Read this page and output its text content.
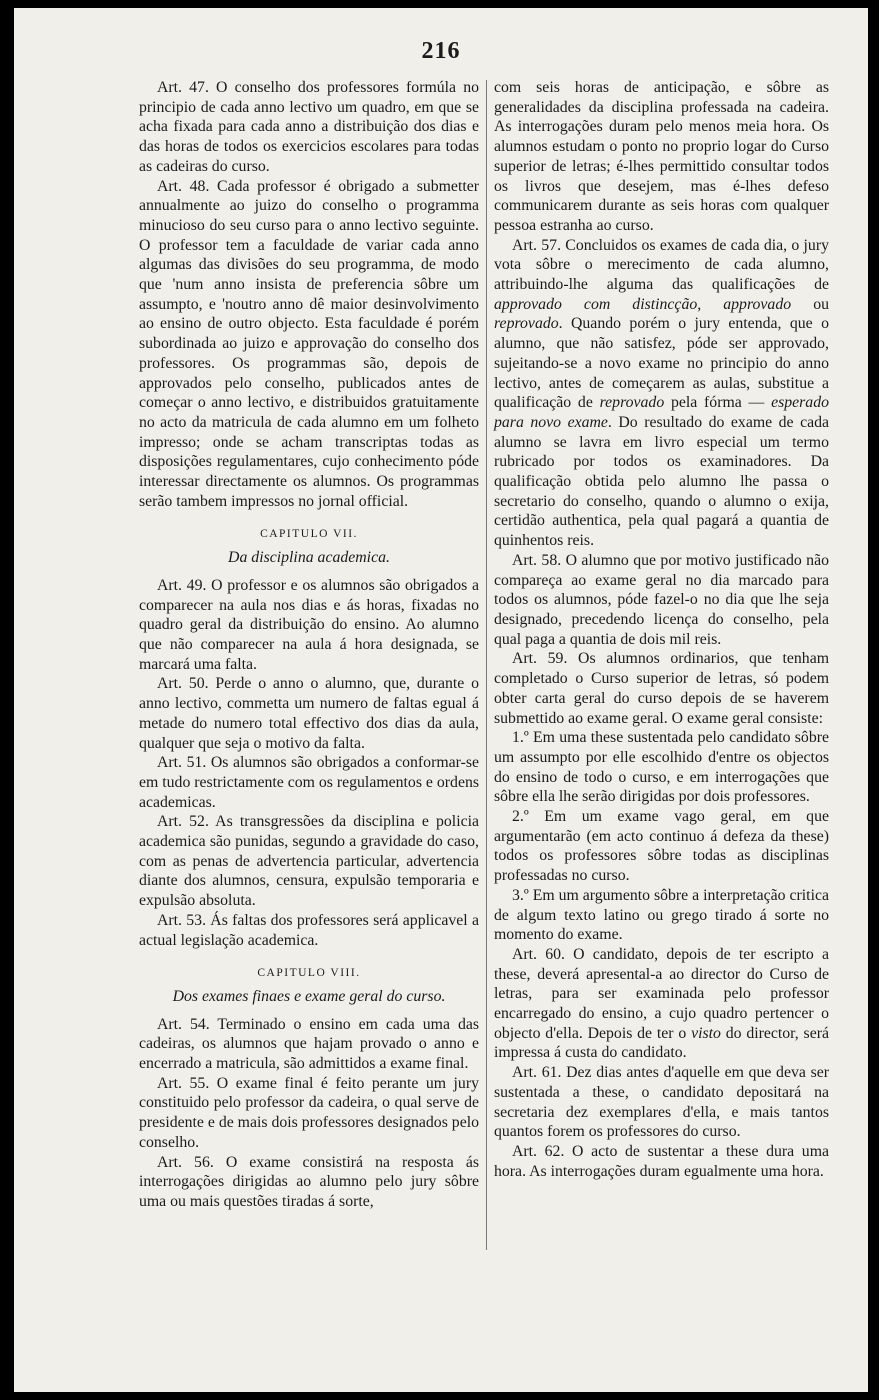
216

Art. 47. O conselho dos professores formúla no principio de cada anno lectivo um quadro, em que se acha fixada para cada anno a distribuição dos dias e das horas de todos os exercicios escolares para todas as cadeiras do curso.

Art. 48. Cada professor é obrigado a submetter annualmente ao juizo do conselho o programma minucioso do seu curso para o anno lectivo seguinte. O professor tem a faculdade de variar cada anno algumas das divisões do seu programma, de modo que 'num anno insista de preferencia sôbre um assumpto, e 'noutro anno dê maior desinvolvimento ao ensino de outro objecto. Esta faculdade é porém subordinada ao juizo e approvação do conselho dos professores. Os programmas são, depois de approvados pelo conselho, publicados antes de começar o anno lectivo, e distribuidos gratuitamente no acto da matricula de cada alumno em um folheto impresso; onde se acham transcriptas todas as disposições regulamentares, cujo conhecimento póde interessar directamente os alumnos. Os programmas serão tambem impressos no jornal official.

CAPITULO VII.
Da disciplina academica.

Art. 49. O professor e os alumnos são obrigados a comparecer na aula nos dias e ás horas, fixadas no quadro geral da distribuição do ensino. Ao alumno que não comparecer na aula á hora designada, se marcará uma falta.

Art. 50. Perde o anno o alumno, que, durante o anno lectivo, commetta um numero de faltas egual á metade do numero total effectivo dos dias da aula, qualquer que seja o motivo da falta.

Art. 51. Os alumnos são obrigados a conformar-se em tudo restrictamente com os regulamentos e ordens academicas.

Art. 52. As transgressões da disciplina e policia academica são punidas, segundo a gravidade do caso, com as penas de advertencia particular, advertencia diante dos alumnos, censura, expulsão temporaria e expulsão absoluta.

Art. 53. Ás faltas dos professores será applicavel a actual legislação academica.

CAPITULO VIII.
Dos exames finaes e exame geral do curso.

Art. 54. Terminado o ensino em cada uma das cadeiras, os alumnos que hajam provado o anno e encerrado a matricula, são admittidos a exame final.

Art. 55. O exame final é feito perante um jury constituido pelo professor da cadeira, o qual serve de presidente e de mais dois professores designados pelo conselho.

Art. 56. O exame consistirá na resposta ás interrogações dirigidas ao alumno pelo jury sôbre uma ou mais questões tiradas á sorte,

com seis horas de anticipação, e sôbre as generalidades da disciplina professada na cadeira. As interrogações duram pelo menos meia hora. Os alumnos estudam o ponto no proprio logar do Curso superior de letras; é-lhes permittido consultar todos os livros que desejem, mas é-lhes defeso communicarem durante as seis horas com qualquer pessoa estranha ao curso.

Art. 57. Concluidos os exames de cada dia, o jury vota sôbre o merecimento de cada alumno, attribuindo-lhe alguma das qualificações de approvado com distincção, approvado ou reprovado. Quando porém o jury entenda, que o alumno, que não satisfez, póde ser approvado, sujeitando-se a novo exame no principio do anno lectivo, antes de começarem as aulas, substitue a qualificação de reprovado pela fórma — esperado para novo exame. Do resultado do exame de cada alumno se lavra em livro especial um termo rubricado por todos os examinadores. Da qualificação obtida pelo alumno lhe passa o secretario do conselho, quando o alumno o exija, certidão authentica, pela qual pagará a quantia de quinhentos reis.

Art. 58. O alumno que por motivo justificado não compareça ao exame geral no dia marcado para todos os alumnos, póde fazel-o no dia que lhe seja designado, precedendo licença do conselho, pela qual paga a quantia de dois mil reis.

Art. 59. Os alumnos ordinarios, que tenham completado o Curso superior de letras, só podem obter carta geral do curso depois de se haverem submettido ao exame geral. O exame geral consiste:

1.º Em uma these sustentada pelo candidato sôbre um assumpto por elle escolhido d'entre os objectos do ensino de todo o curso, e em interrogações que sôbre ella lhe serão dirigidas por dois professores.

2.º Em um exame vago geral, em que argumentarão (em acto continuo á defeza da these) todos os professores sôbre todas as disciplinas professadas no curso.

3.º Em um argumento sôbre a interpretação critica de algum texto latino ou grego tirado á sorte no momento do exame.

Art. 60. O candidato, depois de ter escripto a these, deverá apresental-a ao director do Curso de letras, para ser examinada pelo professor encarregado do ensino, a cujo quadro pertencer o objecto d'ella. Depois de ter o visto do director, será impressa á custa do candidato.

Art. 61. Dez dias antes d'aquelle em que deva ser sustentada a these, o candidato depositará na secretaria dez exemplares d'ella, e mais tantos quantos forem os professores do curso.

Art. 62. O acto de sustentar a these dura uma hora. As interrogações duram egualmente uma hora.
